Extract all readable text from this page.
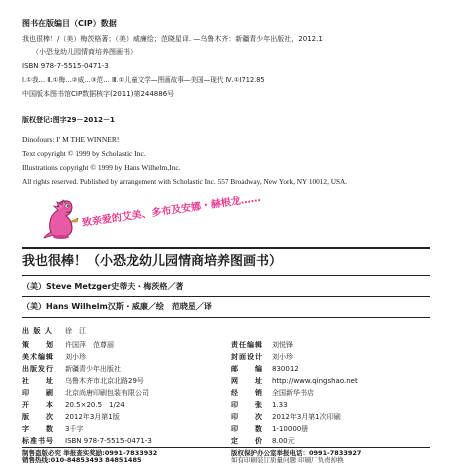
图书在版编目（CIP）数据
我也很棒！/（美）梅茨格著；（美）威廉绘；范晓星译. —乌鲁木齐：新疆青少年出版社，2012.1
（小恐龙幼儿园情商培养图画书）
ISBN 978-7-5515-0471-3
Ⅰ.①我… Ⅱ.①梅…②威…③范… Ⅲ.①儿童文学—图画故事—美国—现代 Ⅳ.①I712.85
中国版本图书馆CIP数据核字(2011)第244886号
版权登记:图字29－2012－1
Dinofours: I' M THE WINNER!
Text copyright © 1999 by Scholastic Inc.
Illustrations copyright © 1999 by Hans Wilhelm,Inc.
All rights reserved. Published by arrangement with Scholastic Inc. 557 Broadway, New York, NY 10012, USA.
致亲爱的艾美、多布及安娜・赫根龙……
我也很棒！（小恐龙幼儿园情商培养图画书）
（美）Steve Metzger史蒂夫・梅茨格／著
（美）Hans Wilhelm汉斯・威廉／绘　范晓星／译
出 版 人 徐　江
策　　划 许国萍　范尊丽
美术编辑 刘小珍
出版发行 新疆青少年出版社
社　　址 乌鲁木齐市北京北路29号
印　　刷 北京尚唐印刷包装有限公司
开　　本 20.5×20.5　1/24
版　　次 2012年3月第1版
字　　数 3千字
标准书号 ISBN 978-7-5515-0471-3
责任编辑 刘悦锋
封面设计 刘小珍
邮　　编 830012
网　　址 http://www.qingshao.net
经　　销 全国新华书店
印　　张 1.33
印　　次 2012年3月第1次印刷
印　　数 1-10000册
定　　价 8.00元
制售盗版必究 举报查实奖励:0991-7833932
销售热线:010-84853493 84851485
版权保护办公室举报电话：0991-7833927
如有印刷装订质量问题 印刷厂负责掉换
